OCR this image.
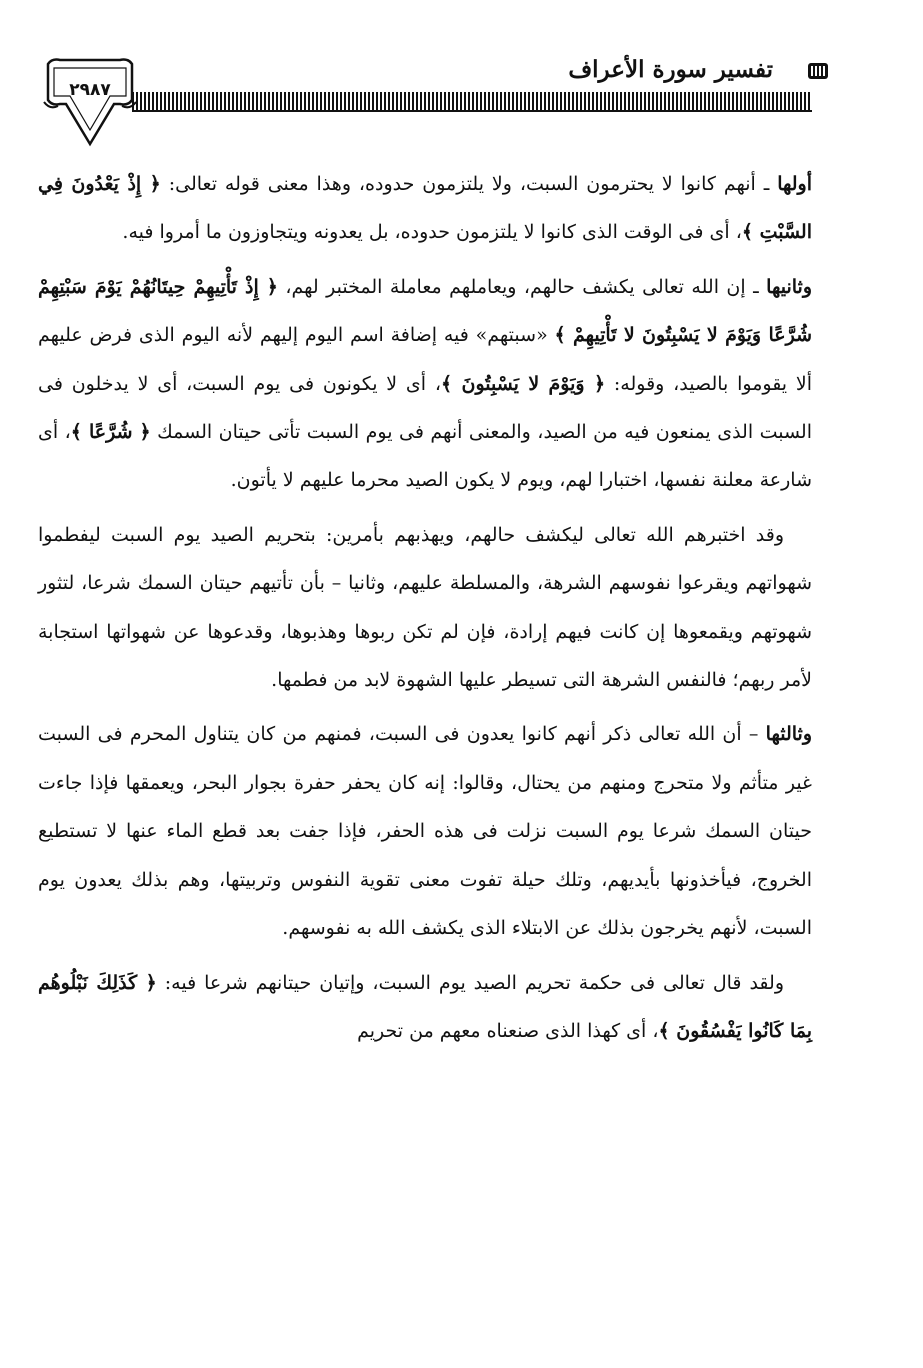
تفسير سورة الأعراف
٢٩٨٧

أولها ـ أنهم كانوا لا يحترمون السبت، ولا يلتزمون حدوده، وهذا معنى قوله تعالى: ﴿ إِذْ يَعْدُونَ فِي السَّبْتِ ﴾، أى فى الوقت الذى كانوا لا يلتزمون حدوده، بل يعدونه ويتجاوزون ما أمروا فيه.

وثانيها ـ إن الله تعالى يكشف حالهم، ويعاملهم معاملة المختبر لهم، ﴿ إِذْ تَأْتِيهِمْ حِيتَانُهُمْ يَوْمَ سَبْتِهِمْ شُرَّعًا وَيَوْمَ لا يَسْبِتُونَ لا تَأْتِيهِمْ ﴾ «سبتهم» فيه إضافة اسم اليوم إليهم لأنه اليوم الذى فرض عليهم ألا يقوموا بالصيد، وقوله: ﴿ وَيَوْمَ لا يَسْبِتُونَ ﴾، أى لا يكونون فى يوم السبت، أى لا يدخلون فى السبت الذى يمنعون فيه من الصيد، والمعنى أنهم فى يوم السبت تأتى حيتان السمك ﴿ شُرَّعًا ﴾، أى شارعة معلنة نفسها، اختبارا لهم، ويوم لا يكون الصيد محرما عليهم لا يأتون.

وقد اختبرهم الله تعالى ليكشف حالهم، ويهذبهم بأمرين: بتحريم الصيد يوم السبت ليفطموا شهواتهم ويقرعوا نفوسهم الشرهة، والمسلطة عليهم، وثانيا – بأن تأتيهم حيتان السمك شرعا، لتثور شهوتهم ويقمعوها إن كانت فيهم إرادة، فإن لم تكن ربوها وهذبوها، وقدعوها عن شهواتها استجابة لأمر ربهم؛ فالنفس الشرهة التى تسيطر عليها الشهوة لابد من فطمها.

وثالثها – أن الله تعالى ذكر أنهم كانوا يعدون فى السبت، فمنهم من كان يتناول المحرم فى السبت غير متأثم ولا متحرج ومنهم من يحتال، وقالوا: إنه كان يحفر حفرة بجوار البحر، ويعمقها فإذا جاءت حيتان السمك شرعا يوم السبت نزلت فى هذه الحفر، فإذا جفت بعد قطع الماء عنها لا تستطيع الخروج، فيأخذونها بأيديهم، وتلك حيلة تفوت معنى تقوية النفوس وتربيتها، وهم بذلك يعدون يوم السبت، لأنهم يخرجون بذلك عن الابتلاء الذى يكشف الله به نفوسهم.

ولقد قال تعالى فى حكمة تحريم الصيد يوم السبت، وإتيان حيتانهم شرعا فيه: ﴿ كَذَلِكَ نَبْلُوهُم بِمَا كَانُوا يَفْسُقُونَ ﴾، أى كهذا الذى صنعناه معهم من تحريم
